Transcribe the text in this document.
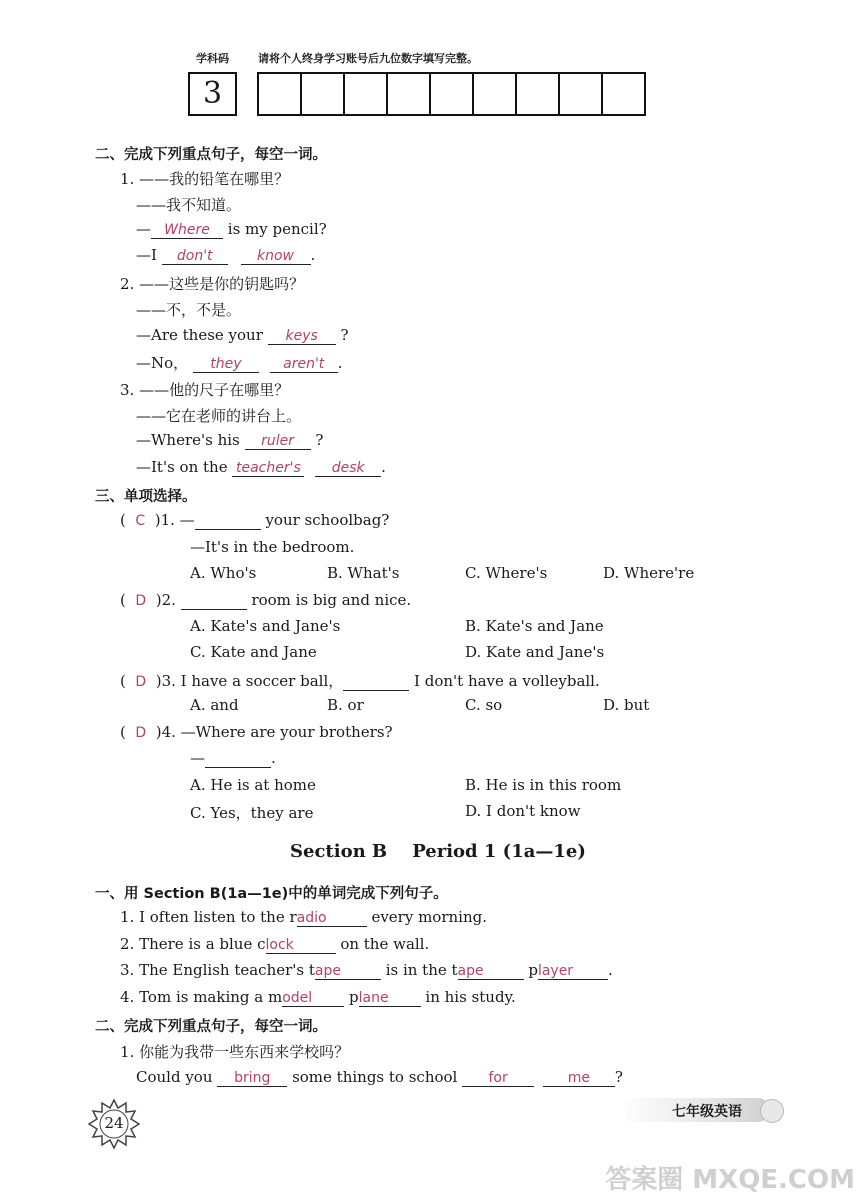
学科码	请将个人终身学习账号后九位数字填写完整。
3
二、完成下列重点句子，每空一词。
1. ——我的铅笔在哪里？
——我不知道。
— Where is my pencil?
—I don't	know .
2. ——这些是你的钥匙吗？
——不，不是。
—Are these your keys ?
—No， they	aren't .
3. ——他的尺子在哪里？
——它在老师的讲台上。
—Where's his ruler ?
—It's on the teacher's desk .
三、单项选择。
(  C )1. —	your schoolbag?
—It's in the bedroom.
A. Who's	B. What's	C. Where's	D. Where're
(  D )2.	room is big and nice.
A. Kate's and Jane's	B. Kate's and Jane
C. Kate and Jane	D. Kate and Jane's
(  D )3. I have a soccer ball，	I don't have a volleyball.
A. and	B. or	C. so	D. but
(  D )4. —Where are your brothers?
—	.
A. He is at home	B. He is in this room
C. Yes，they are	D. I don't know
Section B    Period 1 (1a—1e)
一、用 Section B(1a—1e)中的单词完成下列句子。
1. I often listen to the radio	every morning.
2. There is a blue clock	on the wall.
3. The English teacher's tape	is in the tape	player .
4. Tom is making a model plane in his study.
二、完成下列重点句子，每空一词。
1. 你能为我带一些东西来学校吗？
Could you bring some things to school for	me ?
24
七年级英语
答案圈 MXQE.COM
